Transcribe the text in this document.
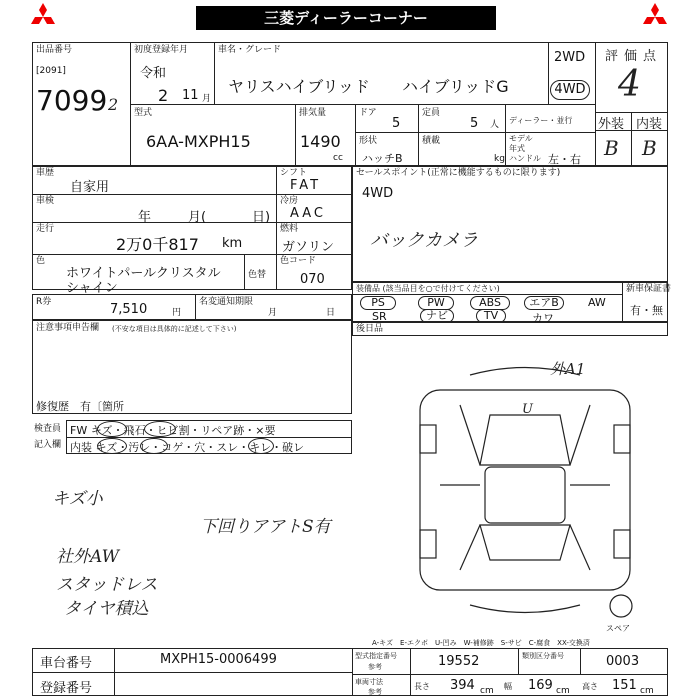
三菱ディーラーコーナー
出品番号
[2091]
7099 2
初度登録年月
令和
2 11 月
車名・グレード
ヤリスハイブリッド ハイブリッドG
2WD
4WD
評価点
4
外装 内装
B B
型式
6AA-MXPH15
排気量
1490
cc
ドア
5
定員
5 人
形状
ハッチB
積載
kg
ディーラー・並行
モデル 年式
ハンドル 左・右
車歴
自家用
車検
年	月(	日)
走行
2万0千817 km
シフト
FAT
冷房
AAC
燃料
ガソリン
色
ホワイトパールクリスタル
シャイン
色替
色コード
070
R券	7,510	円
名変通知期限
月	日
注意事項申告欄 (不安な項目は具体的に記述して下さい)
修復歴　有〔箇所
検査員
記入欄
FW キズ・飛石・ヒビ割・リペア跡・×要
内装 キズ・汚レ・コゲ・穴・スレ・キレ・破レ
セールスポイント(正常に機能するものに限ります)
4WD
バックカメラ
装備品 (該当品目を○で付けてください)	新車保証書
有・無
PS	PW	ABS	エアB	AW
SR	ナビ	TV	カワ
後日品
外A1
U
スペア
A-キズ　E-エクボ　U-凹み　W-補修跡　S-サビ　C-腐食　XX-交換済
キズ小
下回りアアトS有
社外AW
スタッドレス
タイヤ積込
車台番号	MXPH15-0006499
登録番号
型式指定番号
参考	19552	類別区分番号	0003
車両寸法
参考
長さ 394 cm 幅 169 cm 高さ 151 cm
